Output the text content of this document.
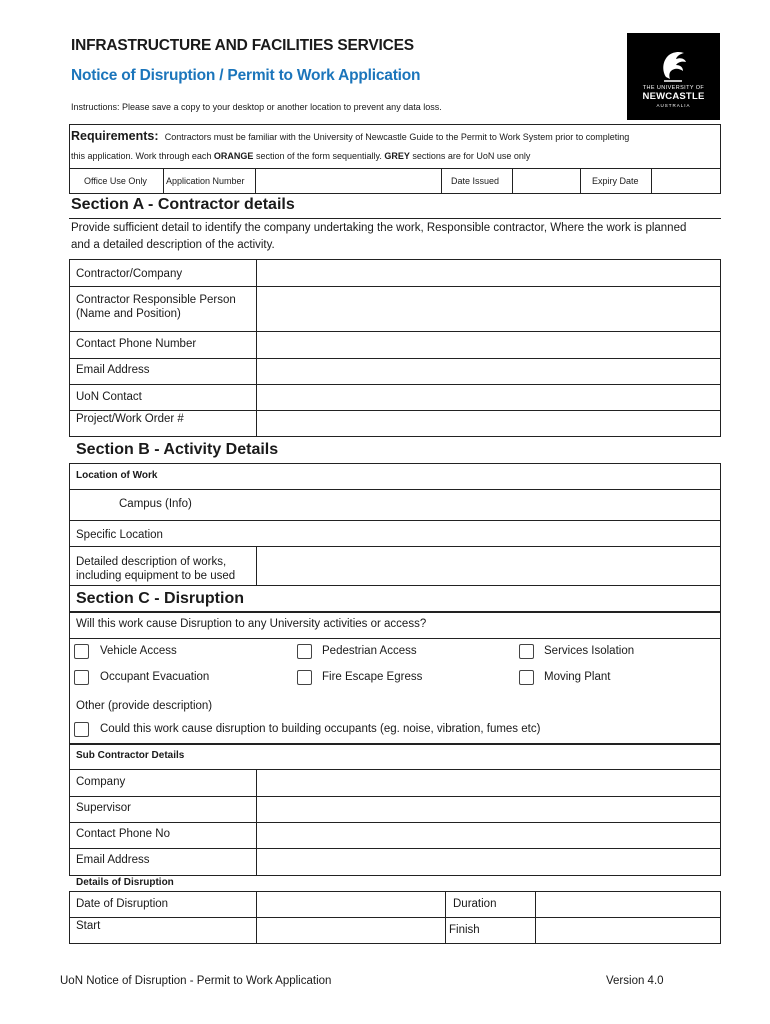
INFRASTRUCTURE AND FACILITIES SERVICES
Notice of Disruption / Permit to Work Application
Instructions: Please save a copy to your desktop or another location to prevent any data loss.
THE UNIVERSITY OF
NEWCASTLE
AUSTRALIA
Requirements: Contractors must be familiar with the University of Newcastle Guide to the Permit to Work System prior to completing
this application. Work through each ORANGE section of the form sequentially. GREY sections are for UoN use only
Office Use Only Application Number	Date Issued	Expiry Date
Section A - Contractor details
Provide sufficient detail to identify the company undertaking the work, Responsible contractor, Where the work is planned
and a detailed description of the activity.
Contractor/Company
Contractor Responsible Person
(Name and Position)
Contact Phone Number
Email Address
UoN Contact
Project/Work Order #
Section B - Activity Details
Location of Work
Campus (Info)
Specific Location
Detailed description of works,
including equipment to be used
Section C - Disruption
Will this work cause Disruption to any University activities or access?
Vehicle Access	Pedestrian Access	Services Isolation
Occupant Evacuation	Fire Escape Egress	Moving Plant
Other (provide description)
Could this work cause disruption to building occupants (eg. noise, vibration, fumes etc)
Sub Contractor Details
Company
Supervisor
Contact Phone No
Email Address
Details of Disruption
Date of Disruption	Duration
Start	Finish
UoN Notice of Disruption - Permit to Work Application	Version 4.0
